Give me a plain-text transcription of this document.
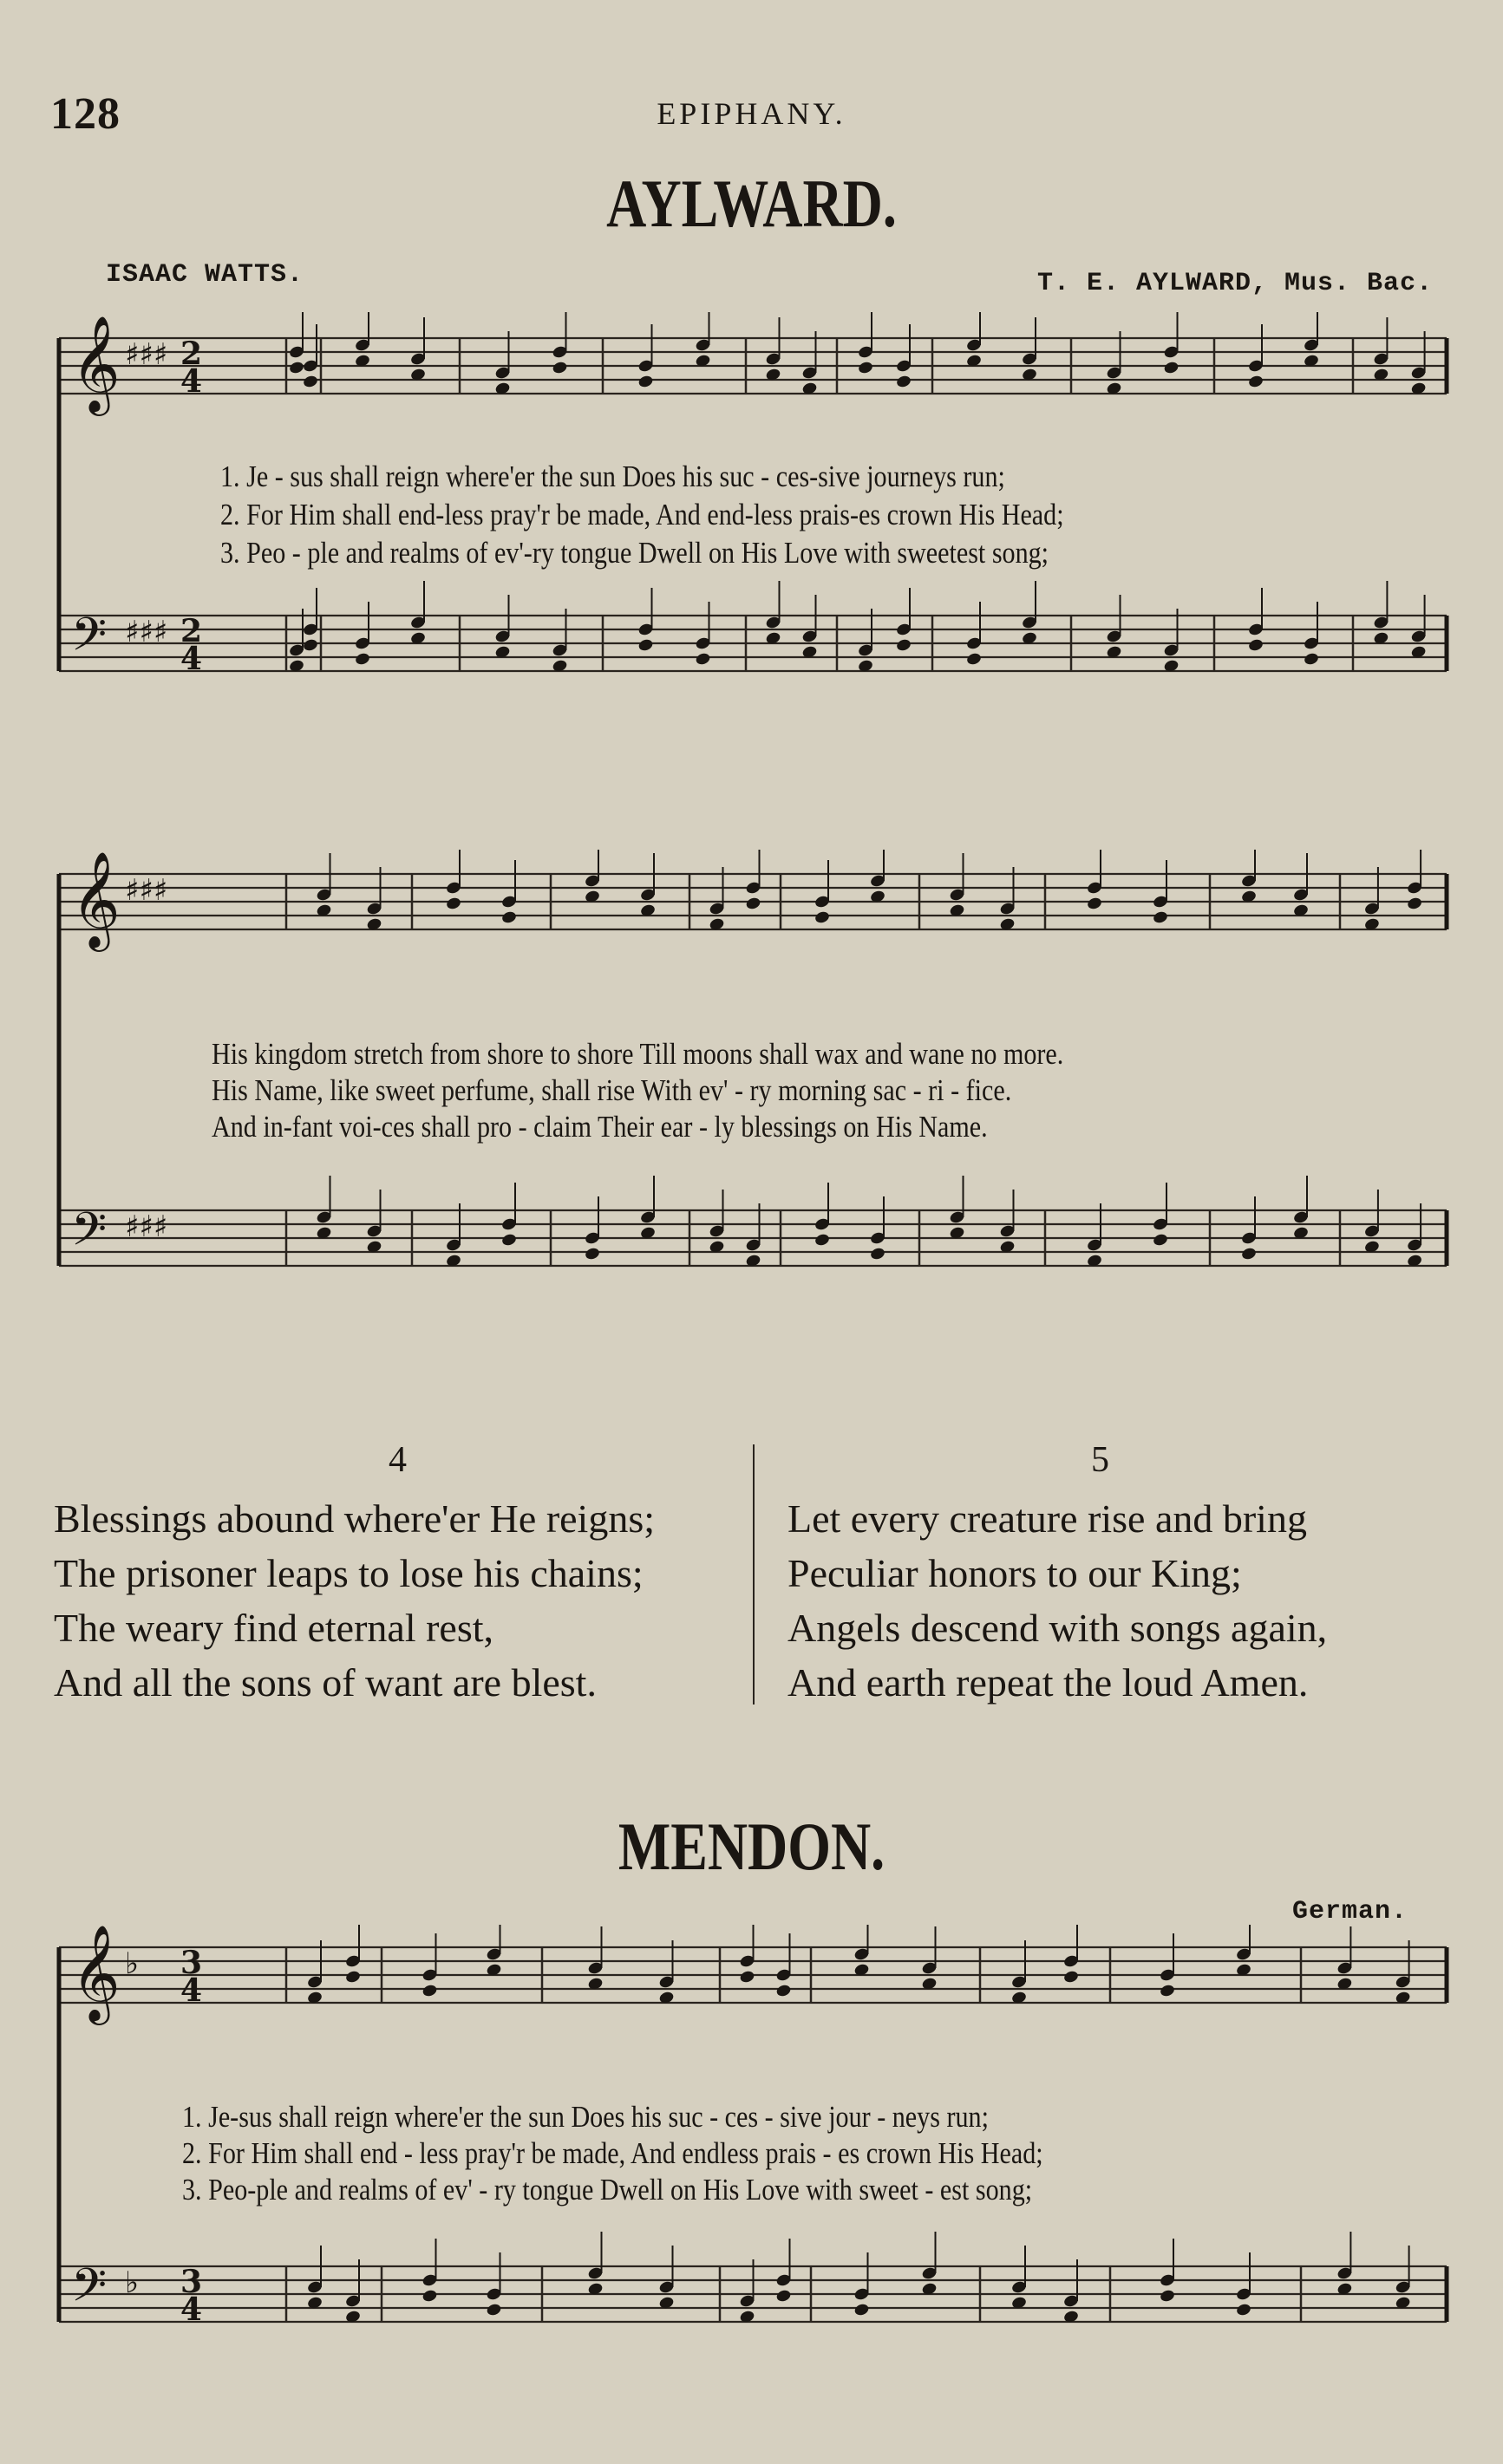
128	EPIPHANY.
AYLWARD.
ISAAC WATTS.	T. E. AYLWARD, Mus. Bac.
𝄞 ♯♯♯ 2
4
𝄢 ♯♯♯ 2
4
𝄞 ♯♯♯
𝄢 ♯♯♯
1. Je - sus shall reign where'er the sun Does his suc - ces-sive journeys run;
2. For Him shall end-less pray'r be made, And end-less prais-es crown His Head;
3. Peo - ple and realms of ev'-ry tongue Dwell on His Love with sweetest song;
His kingdom stretch from shore to shore Till moons shall wax and wane no more.
His Name, like sweet perfume, shall rise With ev' - ry morning sac - ri - fice.
And in-fant voi-ces shall pro - claim Their ear - ly blessings on His Name.
4	5
Blessings abound where'er He reigns;
The prisoner leaps to lose his chains;
The weary find eternal rest,
And all the sons of want are blest.
Let every creature rise and bring
Peculiar honors to our King;
Angels descend with songs again,
And earth repeat the loud Amen.
MENDON.
German.
𝄞 ♭ 3
4
𝄢 ♭ 3
4
1. Je-sus shall reign where'er the sun Does his suc - ces - sive jour - neys run;
2. For Him shall end - less pray'r be made, And endless prais - es crown His Head;
3. Peo-ple and realms of ev' - ry tongue Dwell on His Love with sweet - est song;
